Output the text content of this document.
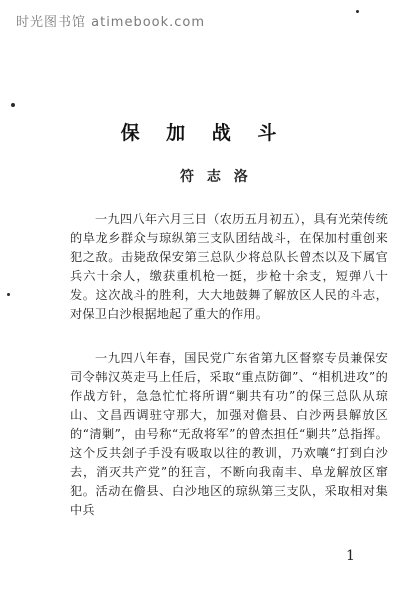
时光图书馆 atimebook.com
保 加 战 斗
符 志 洛

一九四八年六月三日（农历五月初五），具有光荣传统的阜龙乡群众与琼纵第三支队团结战斗，在保加村重创来犯之敌。击毙敌保安第三总队少将总队长曾杰以及下属官兵六十余人，缴获重机枪一挺，步枪十余支，短弹八十发。这次战斗的胜利，大大地鼓舞了解放区人民的斗志，对保卫白沙根据地起了重大的作用。

一九四八年春，国民党广东省第九区督察专员兼保安司令韩汉英走马上任后，采取“重点防御”、“相机进攻”的作战方针，急急忙忙将所谓“剿共有功”的保三总队从琼山、文昌西调驻守那大，加强对儋县、白沙两县解放区的“清剿”，由号称“无敌将军”的曾杰担任“剿共”总指挥。这个反共刽子手没有吸取以往的教训，乃欢嚷“打到白沙去，消灭共产党”的狂言，不断向我南丰、阜龙解放区窜犯。活动在儋县、白沙地区的琼纵第三支队，采取相对集中兵

1
